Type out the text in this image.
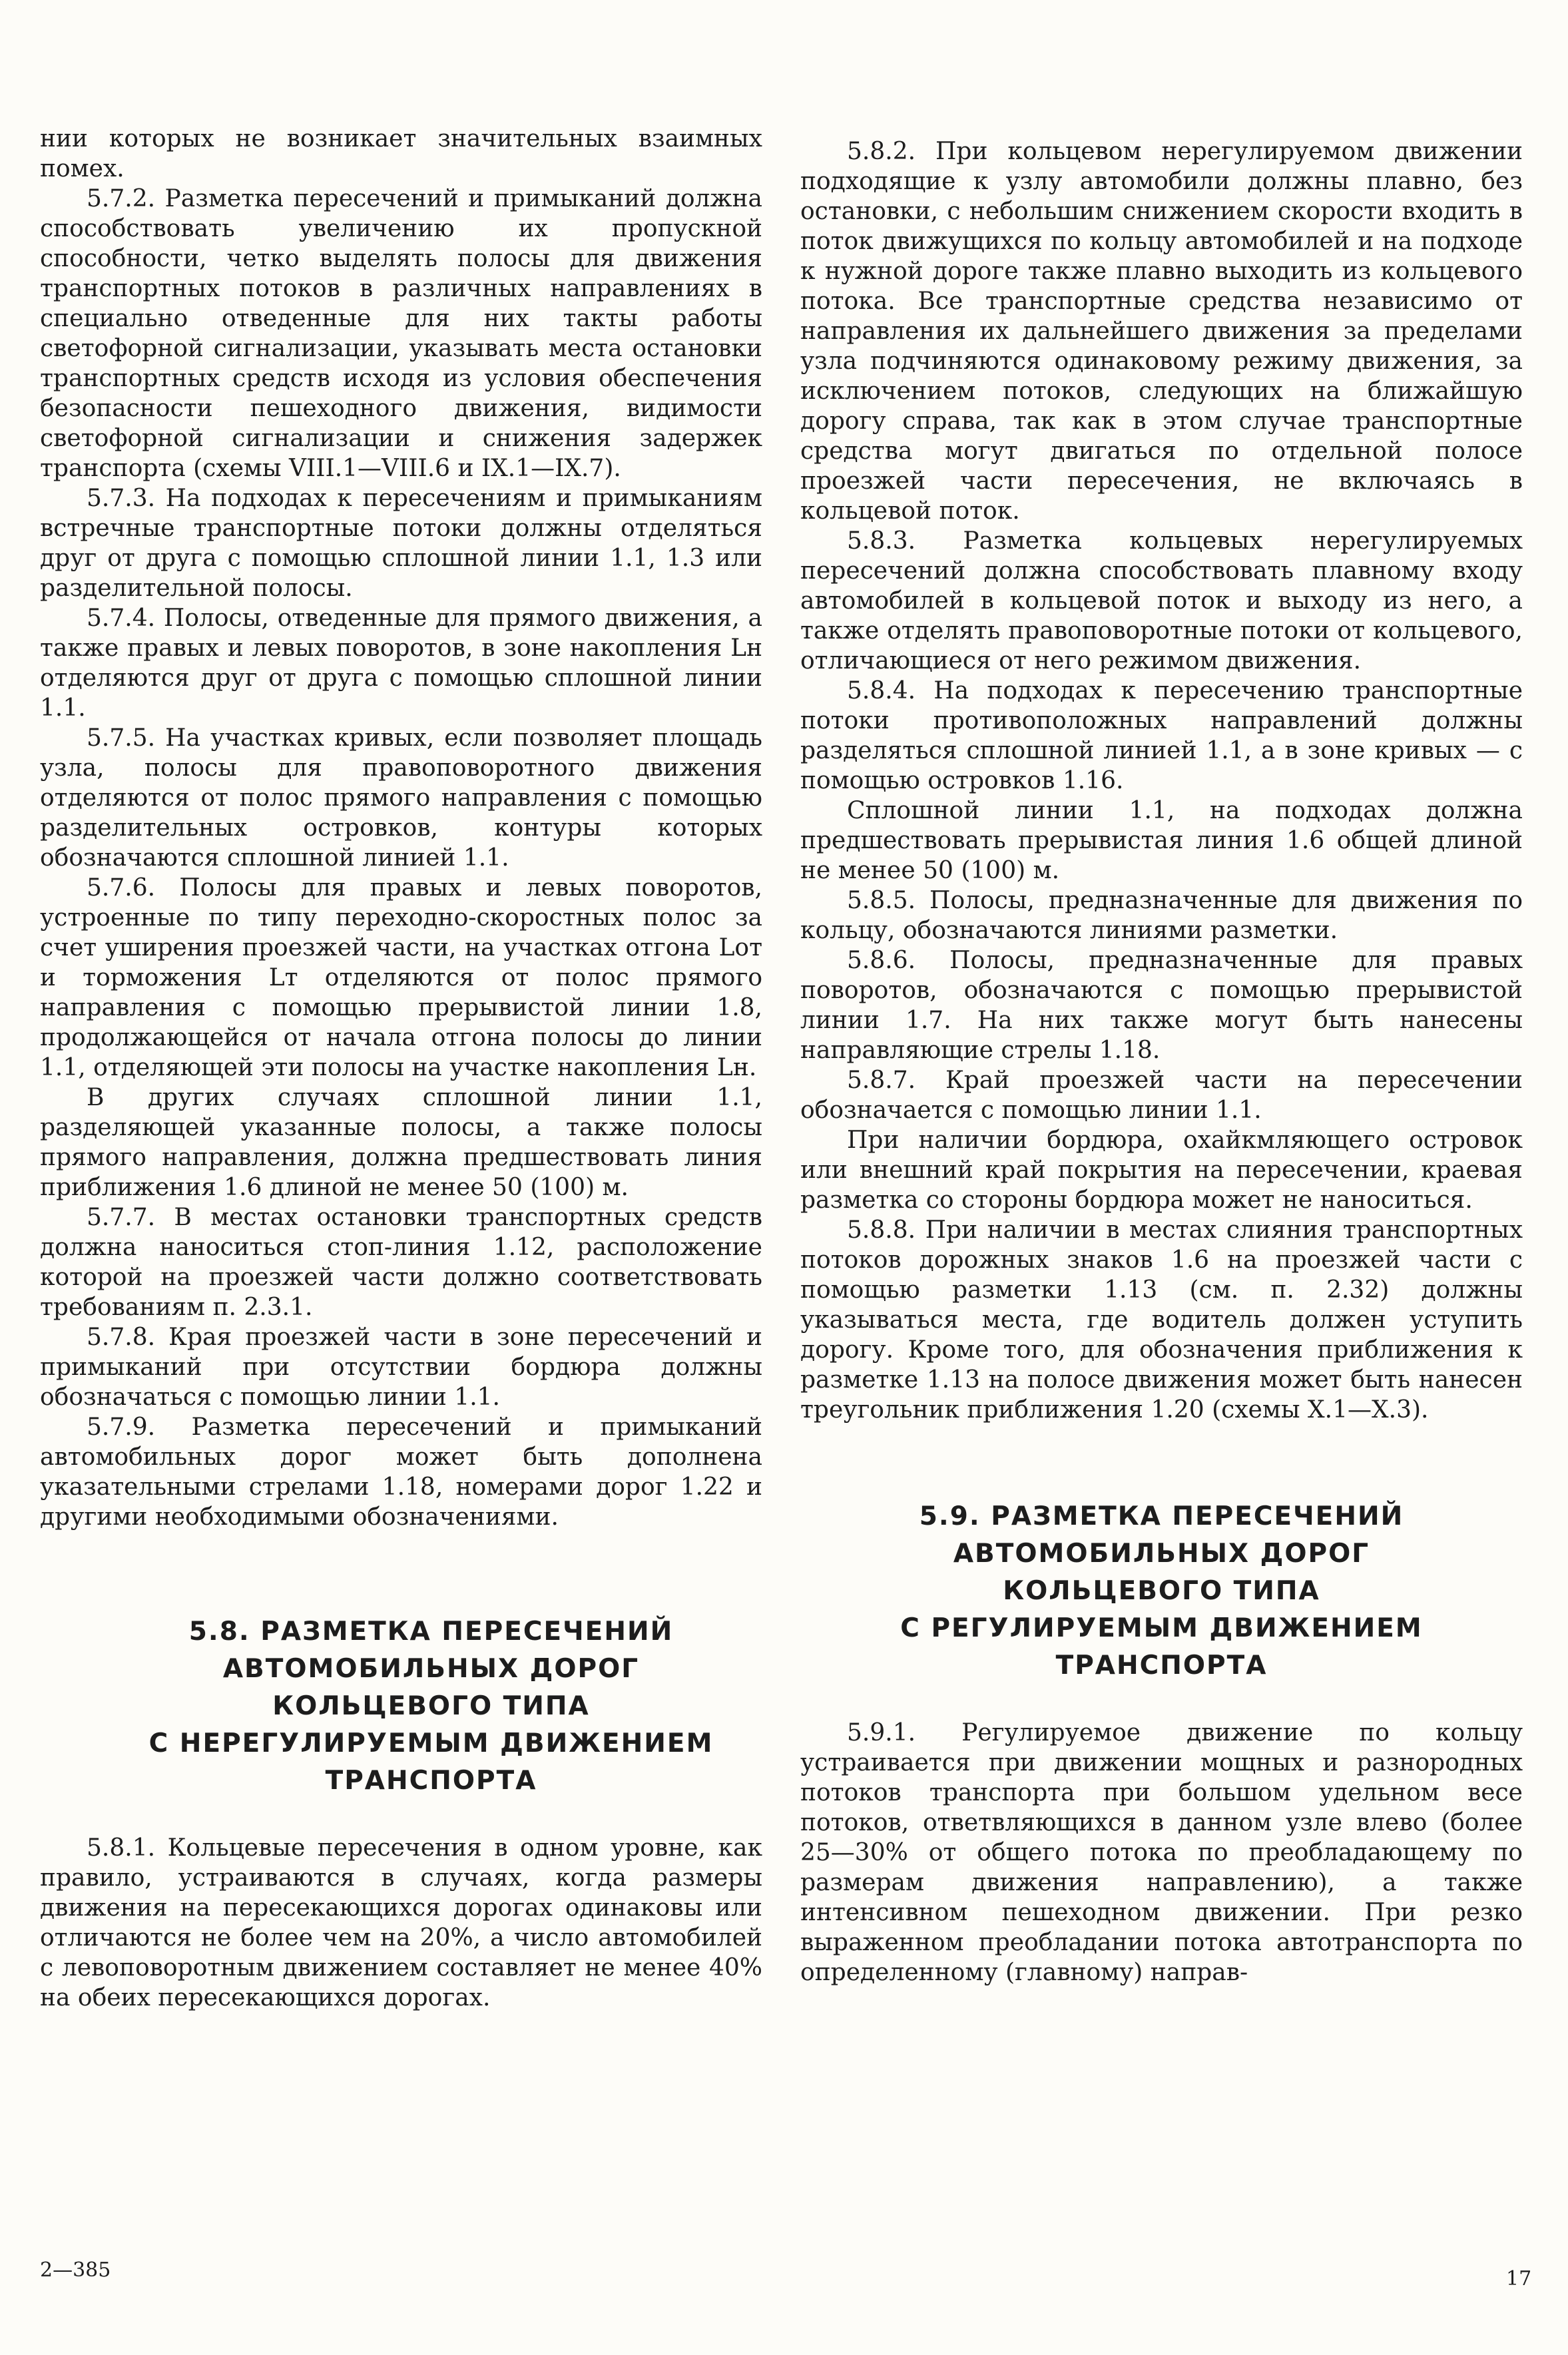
нии которых не возникает значительных взаимных помех.

5.7.2. Разметка пересечений и примыканий должна способствовать увеличению их пропускной способности, четко выделять полосы для движения транспортных потоков в различных направлениях в специально отведенные для них такты работы светофорной сигнализации, указывать места остановки транспортных средств исходя из условия обеспечения безопасности пешеходного движения, видимости светофорной сигнализации и снижения задержек транспорта (схемы VIII.1—VIII.6 и IX.1—IX.7).

5.7.3. На подходах к пересечениям и примыканиям встречные транспортные потоки должны отделяться друг от друга с помощью сплошной линии 1.1, 1.3 или разделительной полосы.

5.7.4. Полосы, отведенные для прямого движения, а также правых и левых поворотов, в зоне накопления Lн отделяются друг от друга с помощью сплошной линии 1.1.

5.7.5. На участках кривых, если позволяет площадь узла, полосы для правоповоротного движения отделяются от полос прямого направления с помощью разделительных островков, контуры которых обозначаются сплошной линией 1.1.

5.7.6. Полосы для правых и левых поворотов, устроенные по типу переходно-скоростных полос за счет уширения проезжей части, на участках отгона Lот и торможения Lт отделяются от полос прямого направления с помощью прерывистой линии 1.8, продолжающейся от начала отгона полосы до линии 1.1, отделяющей эти полосы на участке накопления Lн.

В других случаях сплошной линии 1.1, разделяющей указанные полосы, а также полосы прямого направления, должна предшествовать линия приближения 1.6 длиной не менее 50 (100) м.

5.7.7. В местах остановки транспортных средств должна наноситься стоп-линия 1.12, расположение которой на проезжей части должно соответствовать требованиям п. 2.3.1.

5.7.8. Края проезжей части в зоне пересечений и примыканий при отсутствии бордюра должны обозначаться с помощью линии 1.1.

5.7.9. Разметка пересечений и примыканий автомобильных дорог может быть дополнена указательными стрелами 1.18, номерами дорог 1.22 и другими необходимыми обозначениями.

5.8. РАЗМЕТКА ПЕРЕСЕЧЕНИЙ
АВТОМОБИЛЬНЫХ ДОРОГ
КОЛЬЦЕВОГО ТИПА
С НЕРЕГУЛИРУЕМЫМ ДВИЖЕНИЕМ
ТРАНСПОРТА

5.8.1. Кольцевые пересечения в одном уровне, как правило, устраиваются в случаях, когда размеры движения на пересекающихся дорогах одинаковы или отличаются не более чем на 20%, а число автомобилей с левоповоротным движением составляет не менее 40% на обеих пересекающихся дорогах.

5.8.2. При кольцевом нерегулируемом движении подходящие к узлу автомобили должны плавно, без остановки, с небольшим снижением скорости входить в поток движущихся по кольцу автомобилей и на подходе к нужной дороге также плавно выходить из кольцевого потока. Все транспортные средства независимо от направления их дальнейшего движения за пределами узла подчиняются одинаковому режиму движения, за исключением потоков, следующих на ближайшую дорогу справа, так как в этом случае транспортные средства могут двигаться по отдельной полосе проезжей части пересечения, не включаясь в кольцевой поток.

5.8.3. Разметка кольцевых нерегулируемых пересечений должна способствовать плавному входу автомобилей в кольцевой поток и выходу из него, а также отделять правоповоротные потоки от кольцевого, отличающиеся от него режимом движения.

5.8.4. На подходах к пересечению транспортные потоки противоположных направлений должны разделяться сплошной линией 1.1, а в зоне кривых — с помощью островков 1.16.

Сплошной линии 1.1, на подходах должна предшествовать прерывистая линия 1.6 общей длиной не менее 50 (100) м.

5.8.5. Полосы, предназначенные для движения по кольцу, обозначаются линиями разметки.

5.8.6. Полосы, предназначенные для правых поворотов, обозначаются с помощью прерывистой линии 1.7. На них также могут быть нанесены направляющие стрелы 1.18.

5.8.7. Край проезжей части на пересечении обозначается с помощью линии 1.1.

При наличии бордюра, охайкмляющего островок или внешний край покрытия на пересечении, краевая разметка со стороны бордюра может не наноситься.

5.8.8. При наличии в местах слияния транспортных потоков дорожных знаков 1.6 на проезжей части с помощью разметки 1.13 (см. п. 2.32) должны указываться места, где водитель должен уступить дорогу. Кроме того, для обозначения приближения к разметке 1.13 на полосе движения может быть нанесен треугольник приближения 1.20 (схемы X.1—X.3).

5.9. РАЗМЕТКА ПЕРЕСЕЧЕНИЙ
АВТОМОБИЛЬНЫХ ДОРОГ
КОЛЬЦЕВОГО ТИПА
С РЕГУЛИРУЕМЫМ ДВИЖЕНИЕМ
ТРАНСПОРТА

5.9.1. Регулируемое движение по кольцу устраивается при движении мощных и разнородных потоков транспорта при большом удельном весе потоков, ответвляющихся в данном узле влево (более 25—30% от общего потока по преобладающему по размерам движения направлению), а также интенсивном пешеходном движении. При резко выраженном преобладании потока автотранспорта по определенному (главному) направ-

2—385	17
